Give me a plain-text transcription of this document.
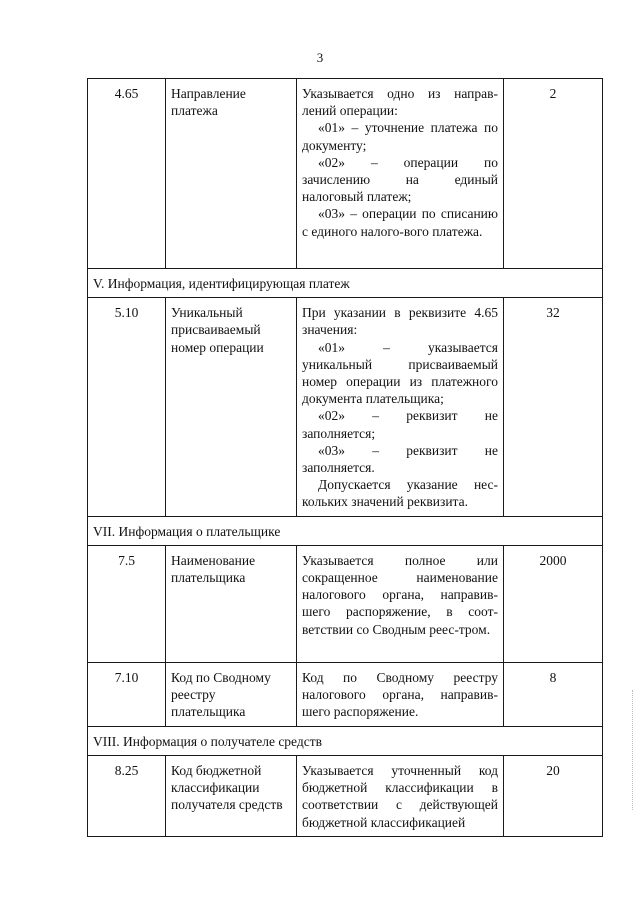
3
4.65	Направление платежа	Указывается одно из направ-лений операции:

«01» – уточнение платежа по документу;

«02» – операции по зачислению на единый налоговый платеж;

«03» – операции по списанию с единого налого-вого платежа.	2
V. Информация, идентифицирующая платеж			
5.10	Уникальный присваиваемый номер операции	При указании в реквизите 4.65 значения:

«01» – указывается уникальный присваиваемый номер операции из платежного документа плательщика;

«02» – реквизит не заполняется;

«03» – реквизит не заполняется.

Допускается указание нес-кольких значений реквизита.	32
VII. Информация о плательщике			
7.5	Наименование плательщика	Указывается полное или сокращенное наименование налогового органа, направив-шего распоряжение, в соот-ветствии со Сводным реес-тром.	2000
7.10	Код по Сводному реестру плательщика	Код по Сводному реестру налогового органа, направив-шего распоряжение.	8
VIII. Информация о получателе средств			
8.25	Код бюджетной классификации получателя средств	Указывается уточненный код бюджетной классификации в соответствии с действующей бюджетной классификацией	20
